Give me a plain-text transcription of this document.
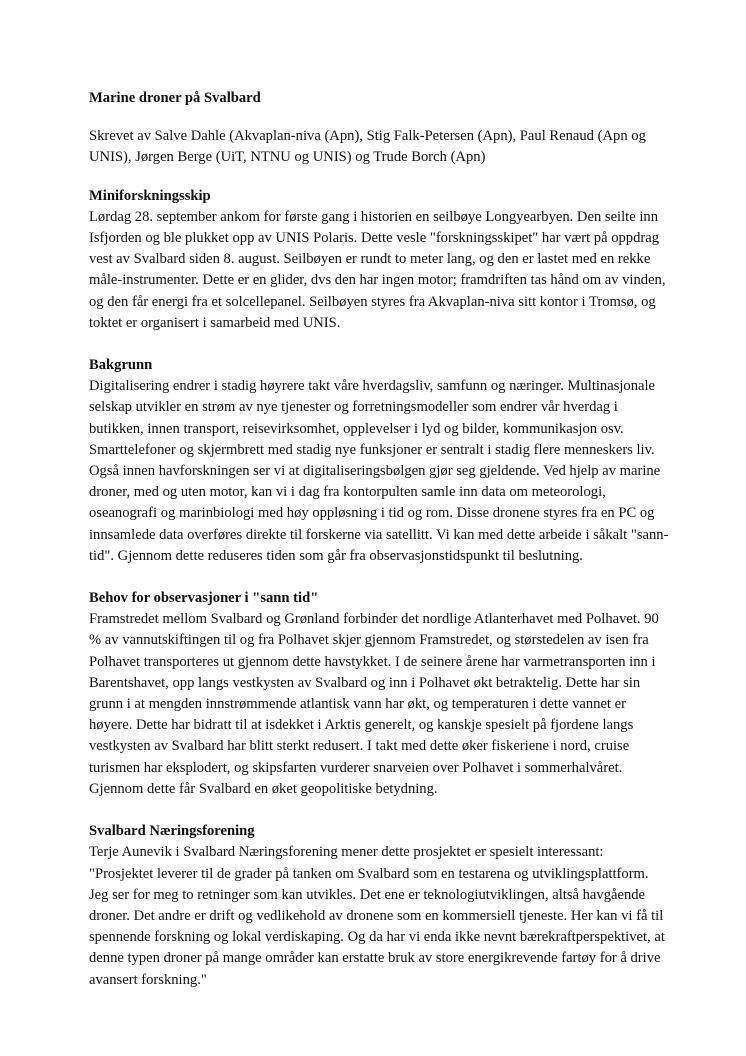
Marine droner på Svalbard

Skrevet av Salve Dahle (Akvaplan-niva (Apn), Stig Falk-Petersen (Apn), Paul Renaud (Apn og UNIS), Jørgen Berge (UiT, NTNU og UNIS) og Trude Borch (Apn)

Miniforskningsskip

Lørdag 28. september ankom for første gang i historien en seilbøye Longyearbyen. Den seilte inn Isfjorden og ble plukket opp av UNIS Polaris. Dette vesle "forskningsskipet" har vært på oppdrag vest av Svalbard siden 8. august. Seilbøyen er rundt to meter lang, og den er lastet med en rekke måle-instrumenter. Dette er en glider, dvs den har ingen motor; framdriften tas hånd om av vinden, og den får energi fra et solcellepanel. Seilbøyen styres fra Akvaplan-niva sitt kontor i Tromsø, og toktet er organisert i samarbeid med UNIS.

Bakgrunn

Digitalisering endrer i stadig høyrere takt våre hverdagsliv, samfunn og næringer. Multinasjonale selskap utvikler en strøm av nye tjenester og forretningsmodeller som endrer vår hverdag i butikken, innen transport, reisevirksomhet, opplevelser i lyd og bilder, kommunikasjon osv. Smarttelefoner og skjermbrett med stadig nye funksjoner er sentralt i stadig flere menneskers liv. Også innen havforskningen ser vi at digitaliseringsbølgen gjør seg gjeldende. Ved hjelp av marine droner, med og uten motor, kan vi i dag fra kontorpulten samle inn data om meteorologi, oseanografi og marinbiologi med høy oppløsning i tid og rom. Disse dronene styres fra en PC og innsamlede data overføres direkte til forskerne via satellitt. Vi kan med dette arbeide i såkalt "sann-tid". Gjennom dette reduseres tiden som går fra observasjonstidspunkt til beslutning.

Behov for observasjoner i "sann tid"

Framstredet mellom Svalbard og Grønland forbinder det nordlige Atlanterhavet med Polhavet. 90 % av vannutskiftingen til og fra Polhavet skjer gjennom Framstredet, og størstedelen av isen fra Polhavet transporteres ut gjennom dette havstykket. I de seinere årene har varmetransporten inn i Barentshavet, opp langs vestkysten av Svalbard og inn i Polhavet økt betraktelig. Dette har sin grunn i at mengden innstrømmende atlantisk vann har økt, og temperaturen i dette vannet er høyere. Dette har bidratt til at isdekket i Arktis generelt, og kanskje spesielt på fjordene langs vestkysten av Svalbard har blitt sterkt redusert. I takt med dette øker fiskeriene i nord, cruise turismen har eksplodert, og skipsfarten vurderer snarveien over Polhavet i sommerhalvåret. Gjennom dette får Svalbard en øket geopolitiske betydning.

Svalbard Næringsforening

Terje Aunevik i Svalbard Næringsforening mener dette prosjektet er spesielt interessant: "Prosjektet leverer til de grader på tanken om Svalbard som en testarena og utviklingsplattform. Jeg ser for meg to retninger som kan utvikles. Det ene er teknologiutviklingen, altså havgående droner. Det andre er drift og vedlikehold av dronene som en kommersiell tjeneste. Her kan vi få til spennende forskning og lokal verdiskaping. Og da har vi enda ikke nevnt bærekraftperspektivet, at denne typen droner på mange områder kan erstatte bruk av store energikrevende fartøy for å drive avansert forskning."
